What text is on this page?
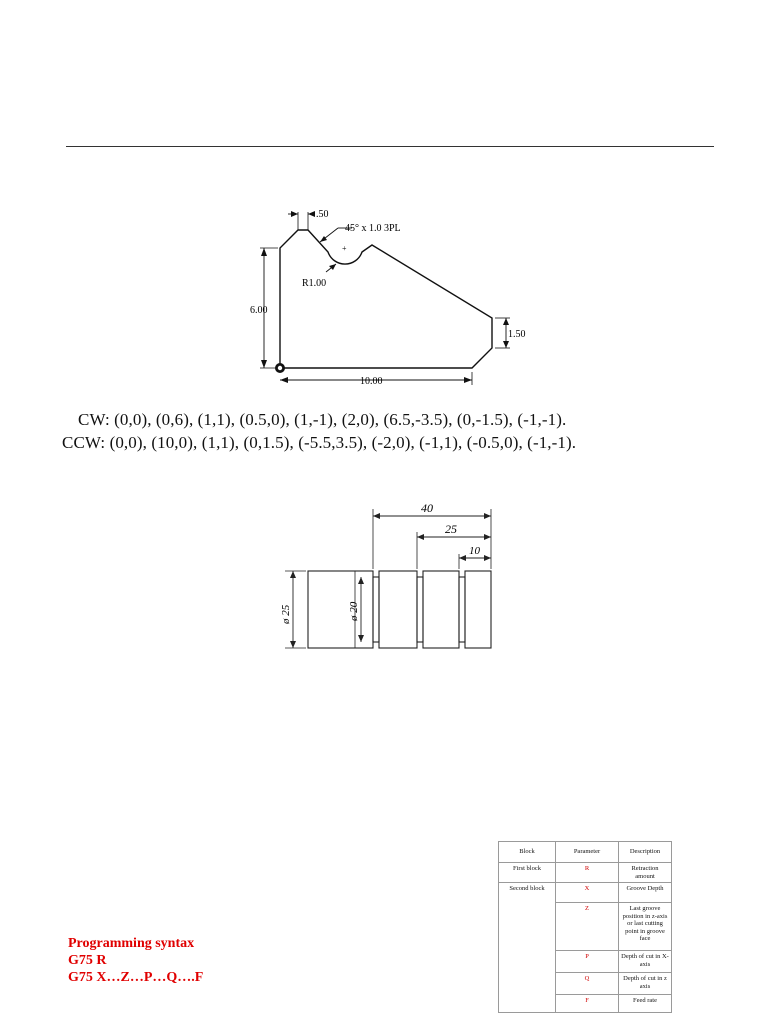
.50
45° x 1.0 3PL
+
R1.00
6.00
10.00
1.50
CW: (0,0), (0,6), (1,1), (0.5,0), (1,-1), (2,0), (6.5,-3.5), (0,-1.5), (-1,-1).
CCW: (0,0), (10,0), (1,1), (0,1.5), (-5.5,3.5), (-2,0), (-1,1), (-0.5,0), (-1,-1).
40
25
10
ø 25	ø 20
Programming syntax
G75 R
G75 X…Z…P…Q….F
Block	Parameter	Description
First block	R	Retraction amount
Second block	X	Groove Depth
	Z	Last groove position in z-axis or last cutting point in groove face
	P	Depth of cut in X-axis
	Q	Depth of cut in z axis
	F	Feed rate
